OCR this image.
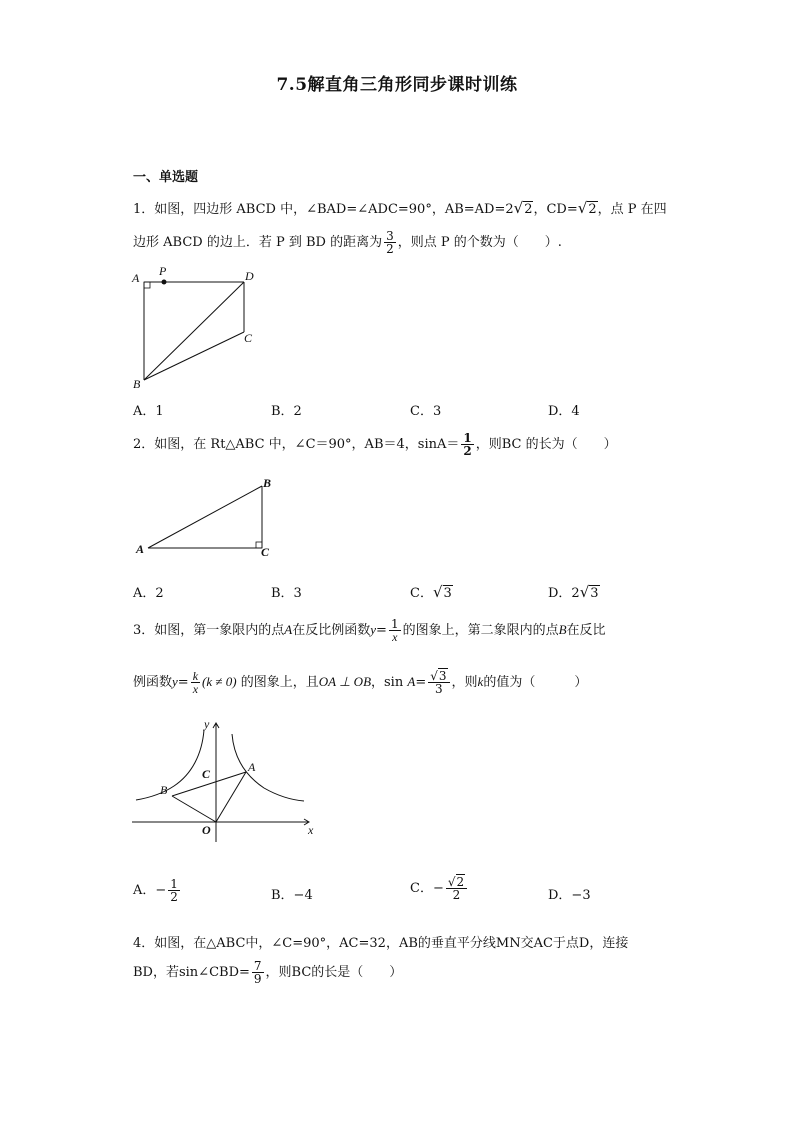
7.5解直角三角形同步课时训练
一、单选题
1．如图，四边形 ABCD 中，∠BAD=∠ADC=90°，AB=AD=2√2，CD=√2，点 P 在四
边形 ABCD 的边上．若 P 到 BD 的距离为 $\frac{3}{2}$ ，则点 P 的个数为（　　）.
A P	D
C
B
A．1	B．2	C．3	D．4
2．如图，在 Rt△ABC 中，∠C＝90°，AB＝4，$\sin A= \frac{1}{2}$ ，则BC 的长为（　　）
A
B
C
A．2	B．3	C．√3	D．2√3
3．如图，第一象限内的点A在反比例函数$y= \frac{1}{x}$ 的图象上，第二象限内的点B在反比
例函数$y= \frac{k}{x} (k \ne 0)$ 的图象上，且OA ⊥ OB，$\sin A= \frac{√3}{3}$ ，则k的值为（　　　）
x
y
O
A
B
C
A．− $\frac{1}{2}$	B．−4	C．− $\frac{√2}{2}$	D．−3
4．如图，在△ABC中，∠C=90°，AC=32，AB的垂直平分线MN交AC于点D，连接
BD，若sin∠CBD= $\frac{7}{9}$ ，则BC的长是（　　）
